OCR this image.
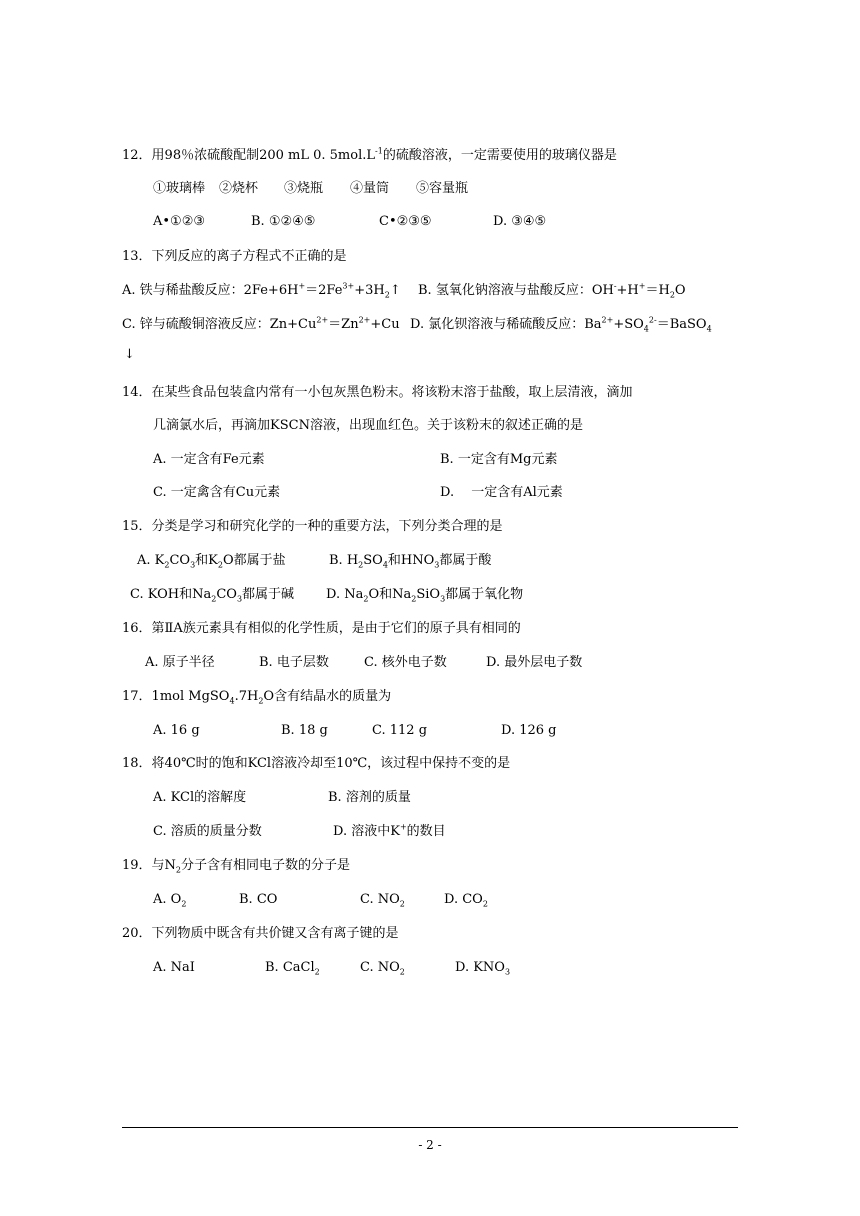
12．用98％浓硫酸配制200 mL 0. $5mol.L^{-1}$的硫酸溶液，一定需要使用的玻璃仪器是
①玻璃棒 ②烧杯 ③烧瓶 ④量筒 ⑤容量瓶
A•①②③	B. ①②④⑤	C•②③⑤	D. ③④⑤
13．下列反应的离子方程式不正确的是
A. 铁与稀盐酸反应：$2Fe+6H^+=2Fe^{3+}+3H_2↑$ B. 氢氧化钠溶液与盐酸反应：$OH^-+H^+=H_2O$
C. 锌与硫酸铜溶液反应：$Zn+Cu^{2+}=Zn^{2+}+Cu$ D. 氯化钡溶液与稀硫酸反应：$Ba^{2+}+SO_4^{2-}=BaSO_4$
↓
14．在某些食品包装盒内常有一小包灰黑色粉末。将该粉末溶于盐酸，取上层清液，滴加
几滴氯水后，再滴加KSCN溶液，出现血红色。关于该粉末的叙述正确的是
A. 一定含有Fe元素	B. 一定含有Mg元素
C. 一定禽含有Cu元素	D.　 一定含有Al元素
15．分类是学习和研究化学的一种的重要方法，下列分类合理的是
A. $K_2CO_3$和$K_2O$都属于盐	B. $H_2SO_4$和$HNO_3$都属于酸
C. KOH和$Na_2CO_3$都属于碱 D. $Na_2O$和$Na_2SiO_3$都属于氧化物
16．第ⅡA族元素具有相似的化学性质，是由于它们的原子具有相同的
A. 原子半径	B. 电子层数	C. 核外电子数	D. 最外层电子数
17．1mol $MgSO_4.7H_2O$含有结晶水的质量为
A. 16 g	B. 18 g	C. 112 g	D. 126 g
18．将40℃时的饱和KCl溶液冷却至10℃，该过程中保持不变的是
A. KCl的溶解度	B. 溶剂的质量
C. 溶质的质量分数	D. 溶液中K+的数目
19．与$N_2$分子含有相同电子数的分子是
A. $O_2$	B. CO	C. $NO_2$	D. $CO_2$
20．下列物质中既含有共价键又含有离子键的是
A. NaI	B. CaCl$_2$	C. $NO_2$	D. $KNO_3$
- 2 -
